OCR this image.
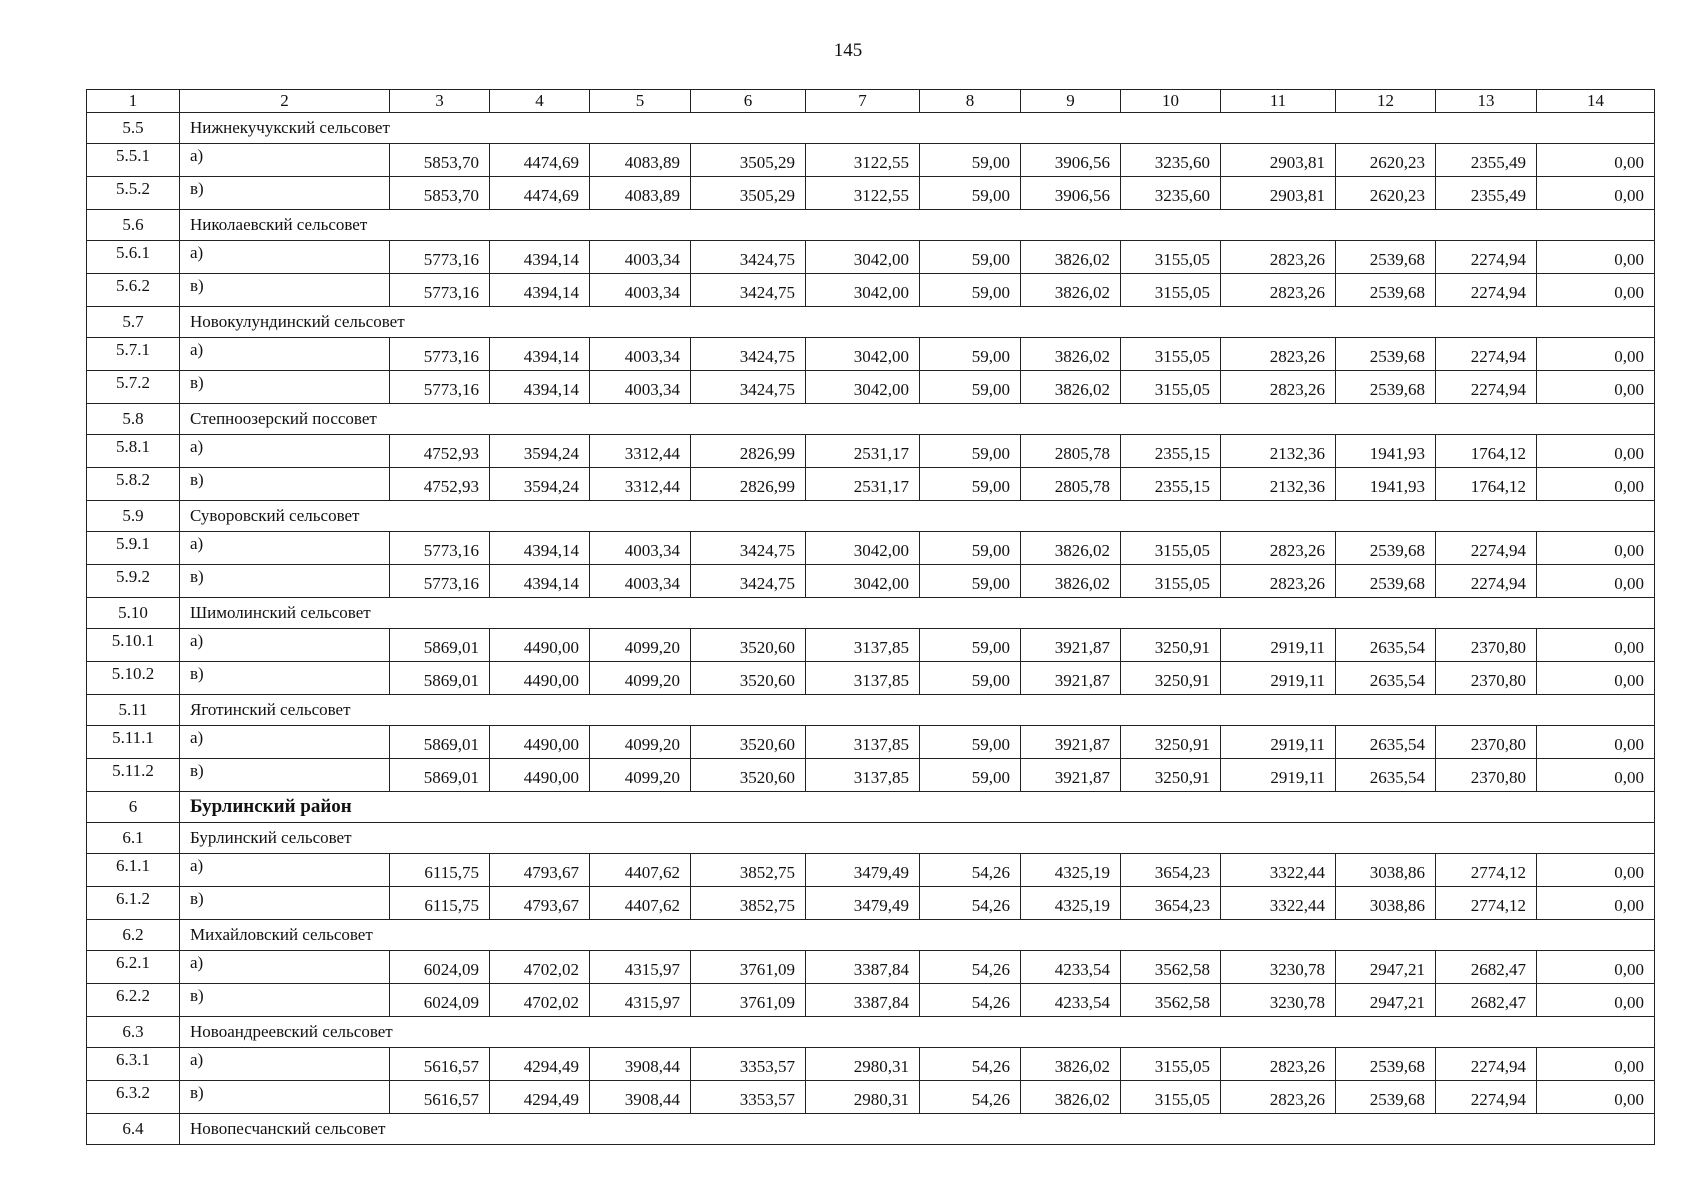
145
1	2	3	4	5	6	7	8	9	10	11	12	13	14
5.5	Нижнекучукский сельсовет												
5.5.1	а)	5853,70	4474,69	4083,89	3505,29	3122,55	59,00	3906,56	3235,60	2903,81	2620,23	2355,49	0,00
5.5.2	в)	5853,70	4474,69	4083,89	3505,29	3122,55	59,00	3906,56	3235,60	2903,81	2620,23	2355,49	0,00
5.6	Николаевский сельсовет												
5.6.1	а)	5773,16	4394,14	4003,34	3424,75	3042,00	59,00	3826,02	3155,05	2823,26	2539,68	2274,94	0,00
5.6.2	в)	5773,16	4394,14	4003,34	3424,75	3042,00	59,00	3826,02	3155,05	2823,26	2539,68	2274,94	0,00
5.7	Новокулундинский сельсовет												
5.7.1	а)	5773,16	4394,14	4003,34	3424,75	3042,00	59,00	3826,02	3155,05	2823,26	2539,68	2274,94	0,00
5.7.2	в)	5773,16	4394,14	4003,34	3424,75	3042,00	59,00	3826,02	3155,05	2823,26	2539,68	2274,94	0,00
5.8	Степноозерский поссовет												
5.8.1	а)	4752,93	3594,24	3312,44	2826,99	2531,17	59,00	2805,78	2355,15	2132,36	1941,93	1764,12	0,00
5.8.2	в)	4752,93	3594,24	3312,44	2826,99	2531,17	59,00	2805,78	2355,15	2132,36	1941,93	1764,12	0,00
5.9	Суворовский сельсовет												
5.9.1	а)	5773,16	4394,14	4003,34	3424,75	3042,00	59,00	3826,02	3155,05	2823,26	2539,68	2274,94	0,00
5.9.2	в)	5773,16	4394,14	4003,34	3424,75	3042,00	59,00	3826,02	3155,05	2823,26	2539,68	2274,94	0,00
5.10	Шимолинский сельсовет												
5.10.1	а)	5869,01	4490,00	4099,20	3520,60	3137,85	59,00	3921,87	3250,91	2919,11	2635,54	2370,80	0,00
5.10.2	в)	5869,01	4490,00	4099,20	3520,60	3137,85	59,00	3921,87	3250,91	2919,11	2635,54	2370,80	0,00
5.11	Яготинский сельсовет												
5.11.1	а)	5869,01	4490,00	4099,20	3520,60	3137,85	59,00	3921,87	3250,91	2919,11	2635,54	2370,80	0,00
5.11.2	в)	5869,01	4490,00	4099,20	3520,60	3137,85	59,00	3921,87	3250,91	2919,11	2635,54	2370,80	0,00
6	Бурлинский район												
6.1	Бурлинский сельсовет												
6.1.1	а)	6115,75	4793,67	4407,62	3852,75	3479,49	54,26	4325,19	3654,23	3322,44	3038,86	2774,12	0,00
6.1.2	в)	6115,75	4793,67	4407,62	3852,75	3479,49	54,26	4325,19	3654,23	3322,44	3038,86	2774,12	0,00
6.2	Михайловский сельсовет												
6.2.1	а)	6024,09	4702,02	4315,97	3761,09	3387,84	54,26	4233,54	3562,58	3230,78	2947,21	2682,47	0,00
6.2.2	в)	6024,09	4702,02	4315,97	3761,09	3387,84	54,26	4233,54	3562,58	3230,78	2947,21	2682,47	0,00
6.3	Новоандреевский сельсовет												
6.3.1	а)	5616,57	4294,49	3908,44	3353,57	2980,31	54,26	3826,02	3155,05	2823,26	2539,68	2274,94	0,00
6.3.2	в)	5616,57	4294,49	3908,44	3353,57	2980,31	54,26	3826,02	3155,05	2823,26	2539,68	2274,94	0,00
6.4	Новопесчанский сельсовет												
